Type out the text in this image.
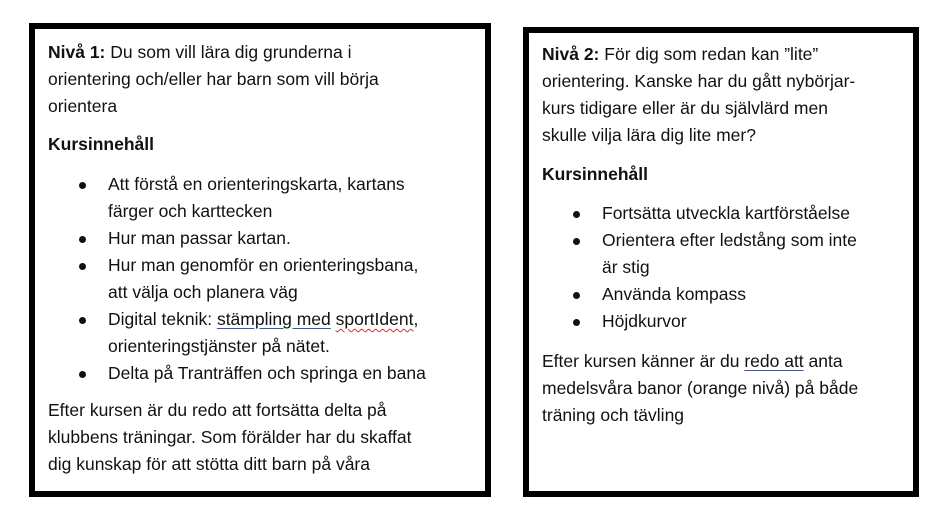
Nivå 1: Du som vill lära dig grunderna i
orientering och/eller har barn som vill börja
orientera

Kursinnehåll

Att förstå en orienteringskarta, kartans
färger och karttecken
Hur man passar kartan.
Hur man genomför en orienteringsbana,
att välja och planera väg
Digital teknik: stämpling med sportIdent,
orienteringstjänster på nätet.
Delta på Tranträffen och springa en bana

Efter kursen är du redo att fortsätta delta på
klubbens träningar. Som förälder har du skaffat
dig kunskap för att stötta ditt barn på våra

Nivå 2: För dig som redan kan ”lite”
orientering. Kanske har du gått nybörjar-
kurs tidigare eller är du självlärd men
skulle vilja lära dig lite mer?

Kursinnehåll

Fortsätta utveckla kartförståelse
Orientera efter ledstång som inte
är stig
Använda kompass
Höjdkurvor

Efter kursen känner är du redo att anta
medelsvåra banor (orange nivå) på både
träning och tävling
